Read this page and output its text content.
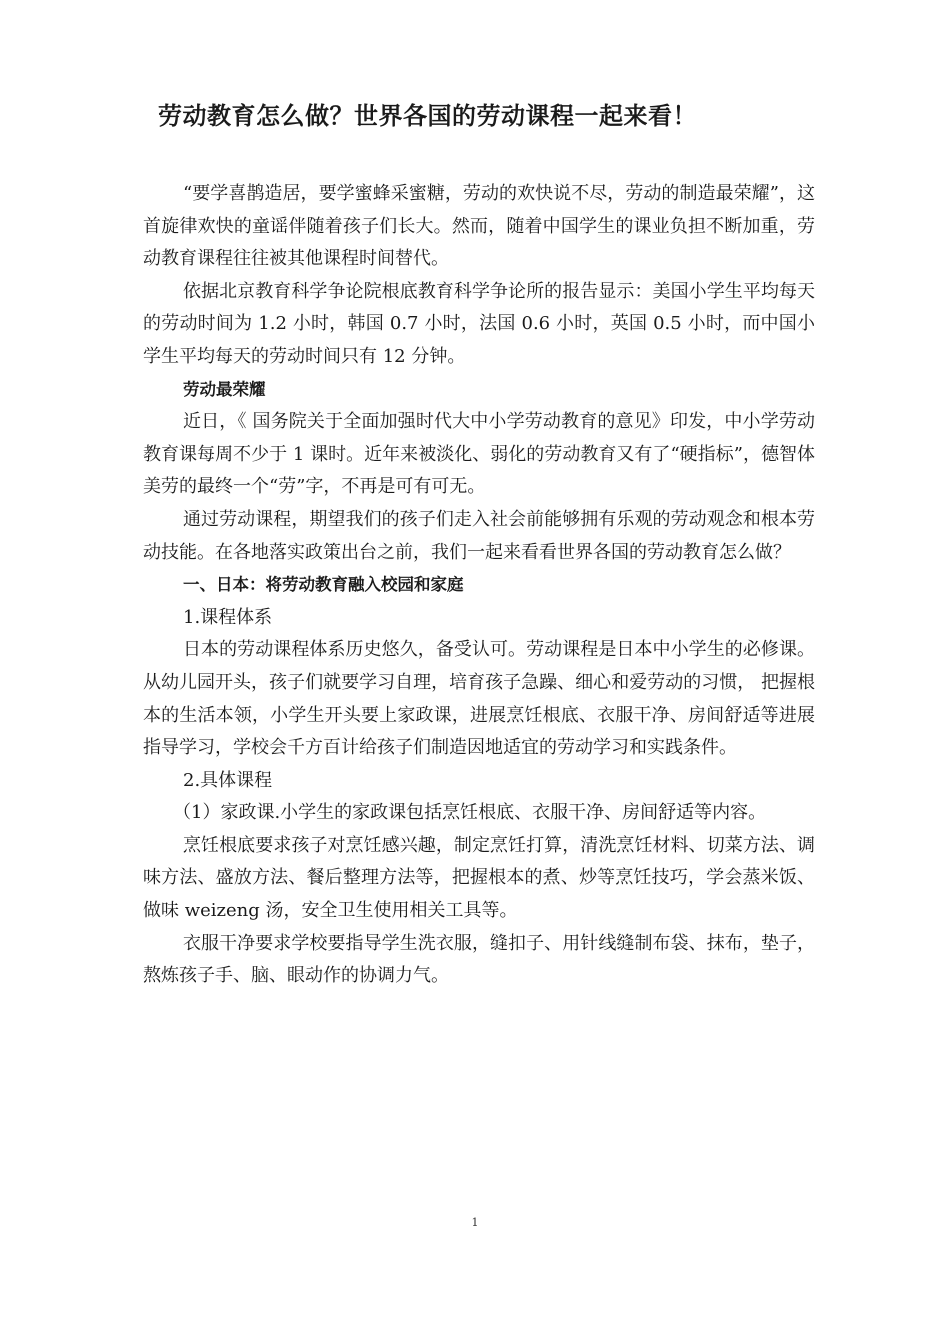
劳动教育怎么做？世界各国的劳动课程一起来看！

“要学喜鹊造居，要学蜜蜂采蜜糖，劳动的欢快说不尽，劳动的制造最荣耀”，这首旋律欢快的童谣伴随着孩子们长大。然而，随着中国学生的课业负担不断加重，劳动教育课程往往被其他课程时间替代。

依据北京教育科学争论院根底教育科学争论所的报告显示：美国小学生平均每天的劳动时间为 1.2 小时，韩国 0.7 小时，法国 0.6 小时，英国 0.5 小时，而中国小学生平均每天的劳动时间只有 12 分钟。

劳动最荣耀

近日，《 国务院关于全面加强时代大中小学劳动教育的意见》印发，中小学劳动教育课每周不少于 1 课时。近年来被淡化、弱化的劳动教育又有了“硬指标”，德智体美劳的最终一个“劳”字，不再是可有可无。

通过劳动课程，期望我们的孩子们走入社会前能够拥有乐观的劳动观念和根本劳动技能。在各地落实政策出台之前，我们一起来看看世界各国的劳动教育怎么做？

一、日本：将劳动教育融入校园和家庭

1.课程体系

日本的劳动课程体系历史悠久，备受认可。劳动课程是日本中小学生的必修课。从幼儿园开头，孩子们就要学习自理，培育孩子急躁、细心和爱劳动的习惯， 把握根本的生活本领，小学生开头要上家政课，进展烹饪根底、衣服干净、房间舒适等进展指导学习，学校会千方百计给孩子们制造因地适宜的劳动学习和实践条件。

2.具体课程

（1）家政课.小学生的家政课包括烹饪根底、衣服干净、房间舒适等内容。

烹饪根底要求孩子对烹饪感兴趣，制定烹饪打算，清洗烹饪材料、切菜方法、调味方法、盛放方法、餐后整理方法等，把握根本的煮、炒等烹饪技巧，学会蒸米饭、做味 weizeng 汤，安全卫生使用相关工具等。

衣服干净要求学校要指导学生洗衣服，缝扣子、用针线缝制布袋、抹布，垫子，熬炼孩子手、脑、眼动作的协调力气。

1
